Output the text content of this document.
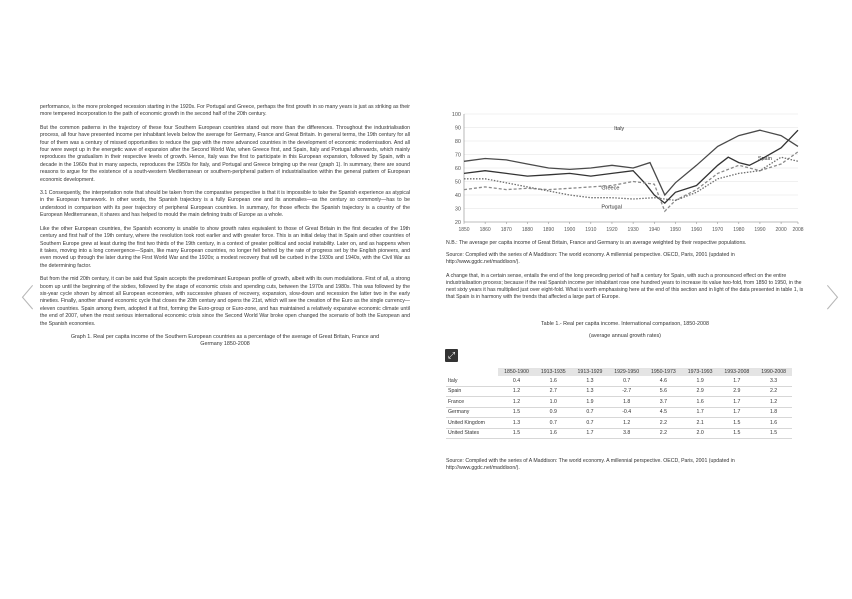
〈	〉

performance, is the more prolonged recession starting in the 1920s. For Portugal and Greece, perhaps the first growth in so many years is just as striking as their more tempered incorporation to the path of economic growth in the second half of the 20th century.

But the common patterns in the trajectory of these four Southern European countries stand out more than the differences. Throughout the industrialisation process, all four have presented income per inhabitant levels below the average for Germany, France and Great Britain. In general terms, the 19th century for all four of them was a century of missed opportunities to reduce the gap with the more advanced countries in the development of economic modernisation. And all four were swept up in the energetic wave of expansion after the Second World War, when Greece first, and Spain, Italy and Portugal afterwards, which mainly reproduces the gradualism in their respective levels of growth. Hence, Italy was the first to participate in this European expansion, followed by Spain, with a decade in the 1960s that in many aspects, reproduces the 1950s for Italy, and Portugal and Greece bringing up the rear (graph 1). In summary, there are sound reasons to argue for the existence of a south-western Mediterranean or southern-peripheral pattern of industrialisation within the general pattern of European economic development.

3.1 Consequently, the interpretation note that should be taken from the comparative perspective is that it is impossible to take the Spanish experience as atypical in the European framework. In other words, the Spanish trajectory is a fully European one and its anomalies—as the century so commonly—has to be understood in comparison with its peer trajectory of peripheral European countries. In summary, for those effects the Spanish trajectory is a country of the European Mediterranean, it shares and has helped to mould the main defining traits of Europe as a whole.

Like the other European countries, the Spanish economy is unable to show growth rates equivalent to those of Great Britain in the first decades of the 19th century and first half of the 19th century, where the revolution took root earlier and with greater force. This is an initial delay that in Spain and other countries of Southern Europe grew at least during the first two thirds of the 19th century, in a context of greater political and social instability. Later on, and as happens when it takes, moving into a long convergence—Spain, like many European countries, no longer fell behind by the rate of progress set by the English pioneers, and even moved up through the later during the First World War and the 1920s; a modest recovery that will be curbed in the 1930s and 1940s, with the Civil War as the determining factor.

But from the mid 20th century, it can be said that Spain accepts the predominant European profile of growth, albeit with its own modulations. First of all, a strong boom up until the beginning of the sixties, followed by the stage of economic crisis and spending cuts, between the 1970s and 1980s. This was followed by the six-year cycle shown by almost all European economies, with successive phases of recovery, expansion, slow-down and recession the latter two in the early nineties. Finally, another shared economic cycle that closes the 20th century and opens the 21st, which will see the creation of the Euro as the single currency—eleven countries. Spain among them, adopted it at first, forming the Euro-group or Euro-zone, and has maintained a relatively expansive economic climate until the end of 2007, when the most serious international economic crisis since the Second World War broke open changed the scenario of both the European and the Spanish economies.

Graph 1. Real per capita income of the Southern European countries as a percentage of the average of Great Britain, France and
Germany 1850-2008
20
30
40
50
60
70
80
90
100
1850 1860 1870 1880 1890 1900 1910 1920 1930 1940 1950 1960 1970 1980 1990 2000 2008
Italy
Spain
Greece
Portugal
N.B.: The average per capita income of Great Britain, France and Germany is an average weighted by their respective populations.
Source: Compiled with the series of A Maddison: The world economy. A millennial perspective. OECD, Paris, 2001 (updated in http://www.ggdc.net/maddison/).
A change that, in a certain sense, entails the end of the long preceding period of half a century for Spain, with such a pronounced effect on the entire industrialisation process; because if the real Spanish income per inhabitant rose one hundred years to increase its value two-fold, from 1850 to 1950, in the next sixty years it has multiplied just over eight-fold. What is worth emphasising here at the end of this section and in light of the data presented in table 1, is that Spain is in harmony with the trends that affected a large part of Europe.
Table 1.- Real per capita income. International comparison, 1850-2008
(average annual growth rates)
⤢
	1850-1900	1913-1935	1913-1929	1929-1950	1950-1973	1973-1993	1993-2008	1990-2008
Italy	0.4	1.6	1.3	0.7	4.6	1.9	1.7	3.3
Spain	1.2	2.7	1.3	-2.7	5.6	2.9	2.9	2.2
France	1.2	1.0	1.9	1.8	3.7	1.6	1.7	1.2
Germany	1.5	0.9	0.7	-0.4	4.5	1.7	1.7	1.8
United Kingdom	1.3	0.7	0.7	1.2	2.2	2.1	1.5	1.6
United States	1.5	1.6	1.7	3.8	2.2	2.0	1.5	1.5
Source: Compiled with the series of A Maddison: The world economy. A millennial perspective. OECD, Paris, 2001 (updated in http://www.ggdc.net/maddison/).
